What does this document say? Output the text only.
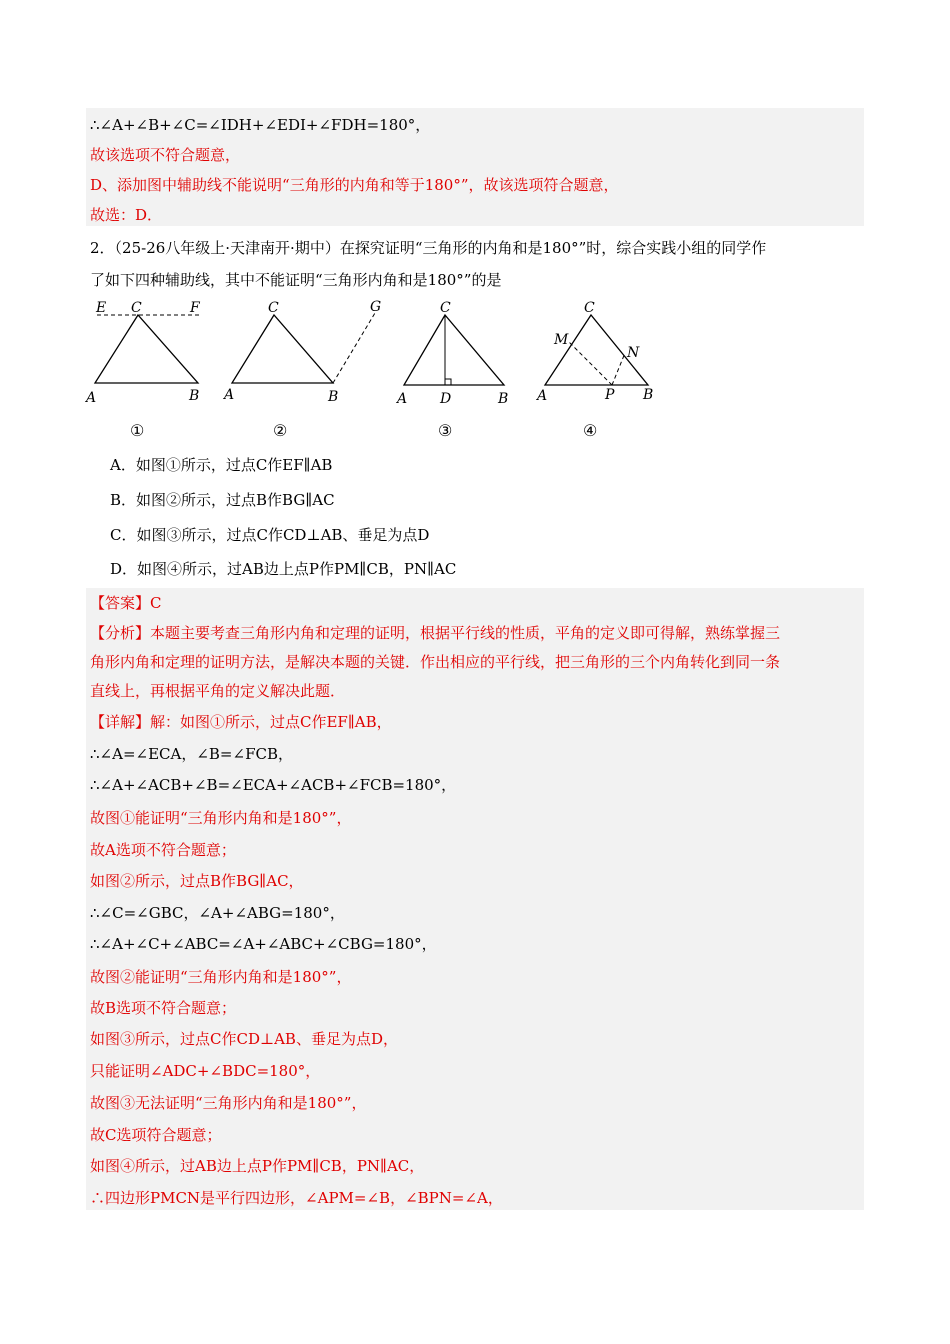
∴∠A+∠B+∠C=∠IDH+∠EDI+∠FDH=180°，
故该选项不符合题意，
D、添加图中辅助线不能说明“三角形的内角和等于180°”，故该选项符合题意，
故选：D．
2．（25-26八年级上·天津南开·期中）在探究证明“三角形的内角和是180°”时，综合实践小组的同学作
了如下四种辅助线，其中不能证明“三角形内角和是180°”的是
E C	F
A	B
C	G
A	B
C
A D	B
C
M
N
A	P B
①	②	③	④
A．如图①所示，过点C作EF∥AB
B．如图②所示，过点B作BG∥AC
C．如图③所示，过点C作CD⊥AB、垂足为点D
D．如图④所示，过AB边上点P作PM∥CB，PN∥AC
【答案】C
【分析】本题主要考查三角形内角和定理的证明，根据平行线的性质，平角的定义即可得解，熟练掌握三
角形内角和定理的证明方法，是解决本题的关键．作出相应的平行线，把三角形的三个内角转化到同一条
直线上，再根据平角的定义解决此题．
【详解】解：如图①所示，过点C作EF∥AB，
∴∠A=∠ECA，∠B=∠FCB，
∴∠A+∠ACB+∠B=∠ECA+∠ACB+∠FCB=180°，
故图①能证明“三角形内角和是180°”，
故A选项不符合题意；
如图②所示，过点B作BG∥AC，
∴∠C=∠GBC，∠A+∠ABG=180°，
∴∠A+∠C+∠ABC=∠A+∠ABC+∠CBG=180°，
故图②能证明“三角形内角和是180°”，
故B选项不符合题意；
如图③所示，过点C作CD⊥AB、垂足为点D，
只能证明∠ADC+∠BDC=180°，
故图③无法证明“三角形内角和是180°”，
故C选项符合题意；
如图④所示，过AB边上点P作PM∥CB，PN∥AC，
∴四边形PMCN是平行四边形，∠APM=∠B，∠BPN=∠A，
